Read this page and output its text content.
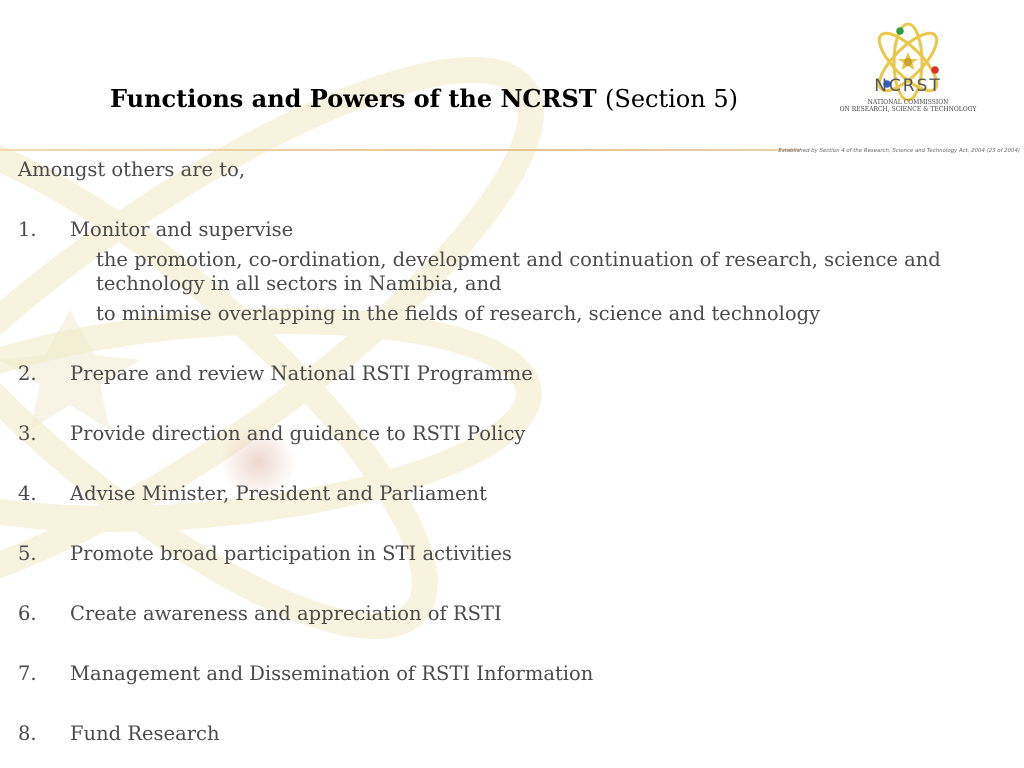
Functions and Powers of the NCRST (Section 5)	NCRST
NATIONAL COMMISSION
ON RESEARCH, SCIENCE & TECHNOLOGY
Established by Section 4 of the Research, Science and Technology Act, 2004 (23 of 2004)

Amongst others are to,

1. Monitor and supervise
the promotion, co-ordination, development and continuation of research, science and technology in all sectors in Namibia, and
to minimise overlapping in the fields of research, science and technology
2. Prepare and review National RSTI Programme
3. Provide direction and guidance to RSTI Policy
4. Advise Minister, President and Parliament
5. Promote broad participation in STI activities
6. Create awareness and appreciation of RSTI
7. Management and Dissemination of RSTI Information
8. Fund Research
